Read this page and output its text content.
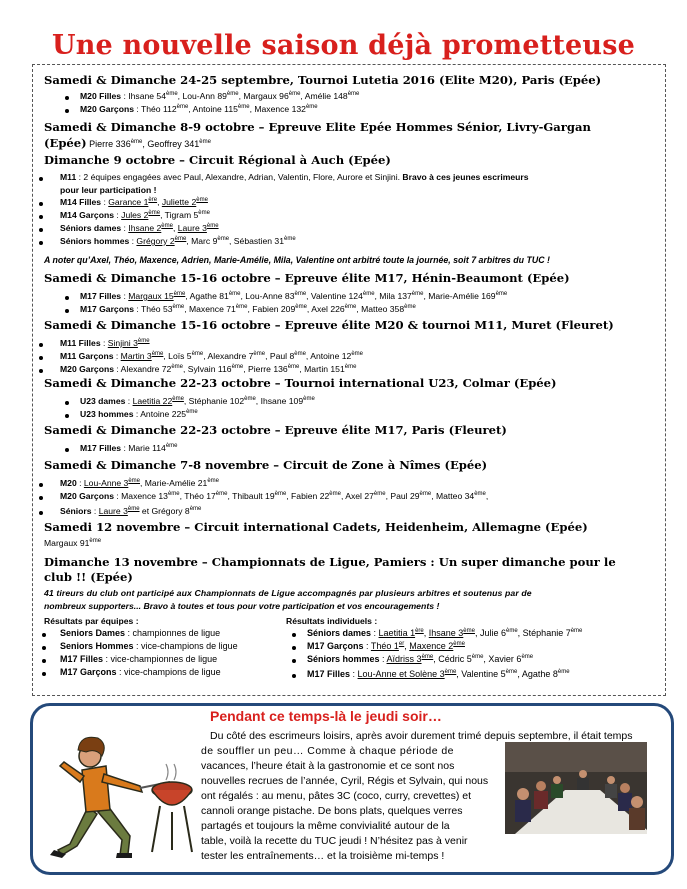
Une nouvelle saison déjà prometteuse
Samedi & Dimanche 24-25 septembre, Tournoi Lutetia 2016 (Elite M20), Paris (Epée)
M20 Filles : Ihsane 54ème, Lou-Ann 89ème, Margaux 96ème, Amélie 148ème
M20 Garçons : Théo 112ème, Antoine 115ème, Maxence 132ème
Samedi & Dimanche 8-9 octobre – Epreuve Elite Epée Hommes Sénior, Livry-Gargan
(Epée) Pierre 336ème, Geoffrey 341ème
Dimanche 9 octobre – Circuit Régional à Auch (Epée)
M11 : 2 équipes engagées avec Paul, Alexandre, Adrian, Valentin, Flore, Aurore et Sinjini. Bravo à ces jeunes escrimeurs
pour leur participation !
M14 Filles : Garance 1ère, Juliette 2ème
M14 Garçons : Jules 2ème, Tigram 5ème
Séniors dames : Ihsane 2ème, Laure 3ème
Séniors hommes : Grégory 2ème, Marc 9ème, Sébastien 31ème
A noter qu’Axel, Théo, Maxence, Adrien, Marie-Amélie, Mila, Valentine ont arbitré toute la journée, soit 7 arbitres du TUC !
Samedi & Dimanche 15-16 octobre – Epreuve élite M17, Hénin-Beaumont (Epée)
M17 Filles : Margaux 15ème, Agathe 81ème, Lou-Anne 83ème, Valentine 124ème, Mila 137ème, Marie-Amélie 169ème
M17 Garçons : Théo 53ème, Maxence 71ème, Fabien 209ème, Axel 226ème, Matteo 358ème
Samedi & Dimanche 15-16 octobre – Epreuve élite M20 & tournoi M11, Muret (Fleuret)
M11 Filles : Sinjini 3ème
M11 Garçons : Martin 3ème, Loïs 5ème, Alexandre 7ème, Paul 8ème, Antoine 12ème
M20 Garçons : Alexandre 72ème, Sylvain 116ème, Pierre 136ème, Martin 151ème
Samedi & Dimanche 22-23 octobre – Tournoi international U23, Colmar (Epée)
U23 dames : Laetitia 22ème, Stéphanie 102ème, Ihsane 109ème
U23 hommes : Antoine 225ème
Samedi & Dimanche 22-23 octobre – Epreuve élite M17, Paris (Fleuret)
M17 Filles : Marie 114ème
Samedi & Dimanche 7-8 novembre – Circuit de Zone à Nîmes (Epée)
M20 : Lou-Anne 3ème, Marie-Amélie 21ème
M20 Garçons : Maxence 13ème, Théo 17ème, Thibault 19ème, Fabien 22ème, Axel 27ème, Paul 29ème, Matteo 34ème,
Séniors : Laure 3ème et Grégory 8ème
Samedi 12 novembre – Circuit international Cadets, Heidenheim, Allemagne (Epée)
Margaux 91ème
Dimanche 13 novembre – Championnats de Ligue, Pamiers : Un super dimanche pour le
club !! (Epée)
41 tireurs du club ont participé aux Championnats de Ligue accompagnés par plusieurs arbitres et soutenus par de
nombreux supporters... Bravo à toutes et tous pour votre participation et vos encouragements !
Résultats par équipes :
Seniors Dames : championnes de ligue
Seniors Hommes : vice-champions de ligue
M17 Filles : vice-championnes de ligue
M17 Garçons : vice-champions de ligue
Résultats individuels :
Séniors dames : Laetitia 1ère, Ihsane 3ème, Julie 6ème, Stéphanie 7ème
M17 Garçons : Théo 1er, Maxence 2ème
Séniors hommes : Aïdriss 3ème, Cédric 5ème, Xavier 6ème
M17 Filles : Lou-Anne et Solène 3ème, Valentine 5ème, Agathe 8ème
Pendant ce temps-là le jeudi soir…
Du côté des escrimeurs loisirs, après avoir durement trimé depuis septembre, il était temps
de souffler un peu… Comme à chaque période de
vacances, l’heure était à la gastronomie et ce sont nos
nouvelles recrues de l’année, Cyril, Régis et Sylvain, qui nous
ont régalés : au menu, pâtes 3C (coco, curry, crevettes) et
cannoli orange pistache. De bons plats, quelques verres
partagés et toujours la même convivialité autour de la
table, voilà la recette du TUC jeudi ! N’hésitez pas à venir
tester les entraînements… et la troisième mi-temps !
